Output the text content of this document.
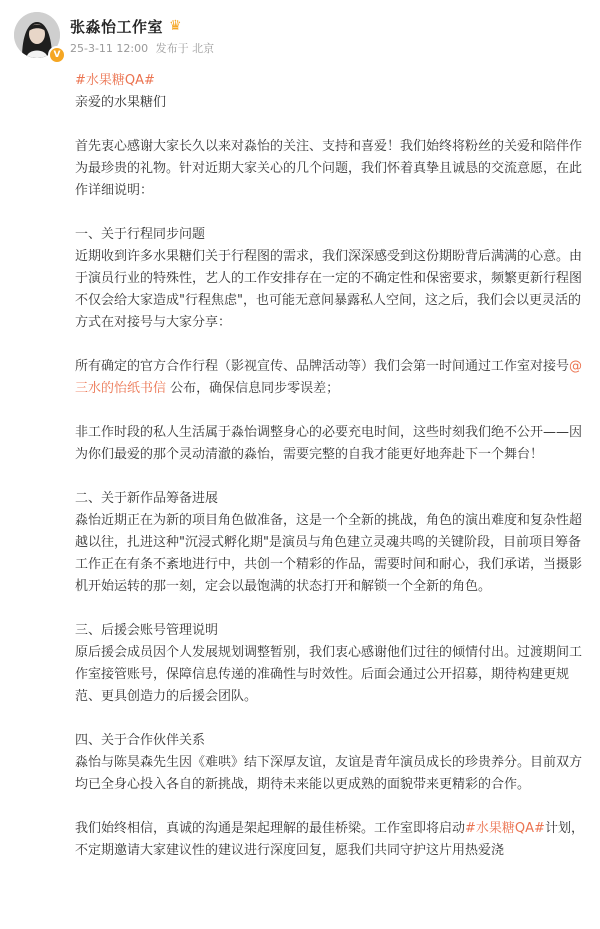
V
张淼怡工作室 ♛
25-3-11 12:00 发布于 北京

#水果糖QA#

亲爱的水果糖们

首先衷心感谢大家长久以来对淼怡的关注、支持和喜爱！我们始终将粉丝的关爱和陪伴作为最珍贵的礼物。针对近期大家关心的几个问题，我们怀着真挚且诚恳的交流意愿，在此作详细说明：

一、关于行程同步问题

近期收到许多水果糖们关于行程图的需求，我们深深感受到这份期盼背后满满的心意。由于演员行业的特殊性，艺人的工作安排存在一定的不确定性和保密要求，频繁更新行程图不仅会给大家造成"行程焦虑"，也可能无意间暴露私人空间，这之后，我们会以更灵活的方式在对接号与大家分享：

所有确定的官方合作行程（影视宣传、品牌活动等）我们会第一时间通过工作室对接号@三水的怡纸书信 公布，确保信息同步零误差；

非工作时段的私人生活属于淼怡调整身心的必要充电时间，这些时刻我们绝不公开——因为你们最爱的那个灵动清澈的淼怡，需要完整的自我才能更好地奔赴下一个舞台！

二、关于新作品筹备进展

淼怡近期正在为新的项目角色做准备，这是一个全新的挑战，角色的演出难度和复杂性超越以往，扎进这种"沉浸式孵化期"是演员与角色建立灵魂共鸣的关键阶段，目前项目筹备工作正在有条不紊地进行中，共创一个精彩的作品，需要时间和耐心，我们承诺，当摄影机开始运转的那一刻，定会以最饱满的状态打开和解锁一个全新的角色。

三、后援会账号管理说明

原后援会成员因个人发展规划调整暂别，我们衷心感谢他们过往的倾情付出。过渡期间工作室接管账号，保障信息传递的准确性与时效性。后面会通过公开招募，期待构建更规范、更具创造力的后援会团队。

四、关于合作伙伴关系

淼怡与陈昊森先生因《难哄》结下深厚友谊，友谊是青年演员成长的珍贵养分。目前双方均已全身心投入各自的新挑战，期待未来能以更成熟的面貌带来更精彩的合作。

我们始终相信，真诚的沟通是架起理解的最佳桥梁。工作室即将启动#水果糖QA#计划，不定期邀请大家建议性的建议进行深度回复，愿我们共同守护这片用热爱浇
